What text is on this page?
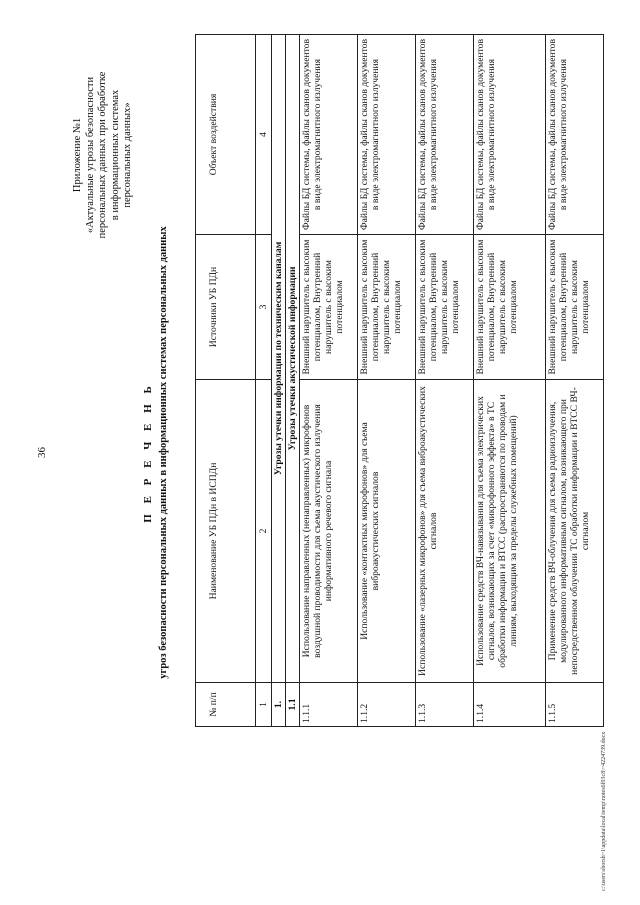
36
Приложение №1 «Актуальные угрозы безопасности персональных данных при обработке в информационных системах персональных данных»
П Е Р Е Ч Е Н Ь угроз безопасности персональных данных в информационных системах персональных данных
№ п/п	Наименование УБ ПДн в ИСПДн	Источники УБ ПДн	Объект воздействия
1	2	3	4
1.	Угрозы утечки информации по техническим каналам		
1.1	Угрозы утечки акустической информации		
1.1.1	Использование направленных (ненаправленных) микрофонов воздушной проводимости для съема акустического излучения информативного речевого сигнала	Внешний нарушитель с высоким потенциалом, Внутренний нарушитель с высоким потенциалом	Файлы БД системы, файлы сканов документов в виде электромагнитного излучения
1.1.2	Использование «контактных микрофонов» для съема виброакустических сигналов	Внешний нарушитель с высоким потенциалом, Внутренний нарушитель с высоким потенциалом	Файлы БД системы, файлы сканов документов в виде электромагнитного излучения
1.1.3	Использование «лазерных микрофонов» для съема виброакустических сигналов	Внешний нарушитель с высоким потенциалом, Внутренний нарушитель с высоким потенциалом	Файлы БД системы, файлы сканов документов в виде электромагнитного излучения
1.1.4	Использование средств ВЧ-навязывания для съема электрических сигналов, возникающих за счет «микрофонного эффекта» в ТС обработки информации и ВТСС (распространяются по проводам и линиям, выходящим за пределы служебных помещений)	Внешний нарушитель с высоким потенциалом, Внутренний нарушитель с высоким потенциалом	Файлы БД системы, файлы сканов документов в виде электромагнитного излучения
1.1.5	Применение средств ВЧ-облучения для съема радиоизлучения, модулированного информативным сигналом, возникающего при непосредственном облучении ТС обработки информации и ВТСС ВЧ-сигналом	Внешний нарушитель с высоким потенциалом, Внутренний нарушитель с высоким потенциалом	Файлы БД системы, файлы сканов документов в виде электромагнитного излучения
c:\users\sborsh~1\appdata\local\temp\notes6f03c8\~4224739.docx
